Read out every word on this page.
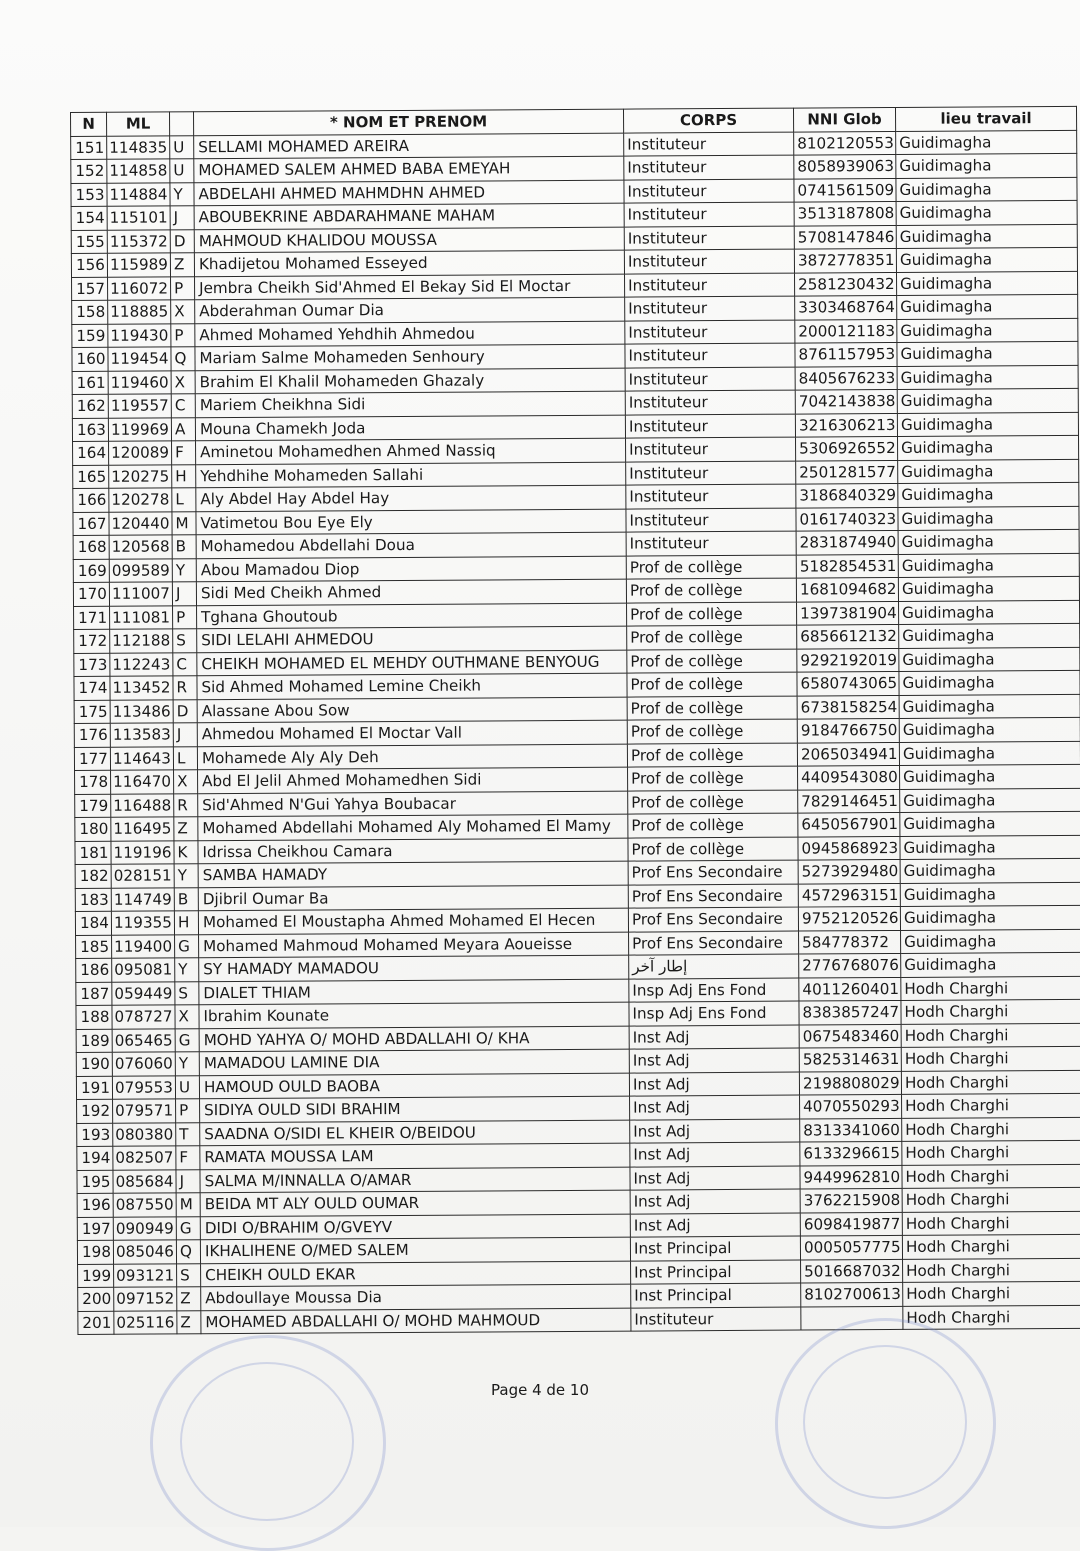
N	ML		* NOM ET PRENOM	CORPS	NNI Glob	lieu travail
151	114835	U	SELLAMI MOHAMED AREIRA	Instituteur	8102120553	Guidimagha
152	114858	U	MOHAMED SALEM AHMED BABA EMEYAH	Instituteur	8058939063	Guidimagha
153	114884	Y	ABDELAHI AHMED MAHMDHN AHMED	Instituteur	0741561509	Guidimagha
154	115101	J	ABOUBEKRINE ABDARAHMANE MAHAM	Instituteur	3513187808	Guidimagha
155	115372	D	MAHMOUD KHALIDOU MOUSSA	Instituteur	5708147846	Guidimagha
156	115989	Z	Khadijetou Mohamed Esseyed	Instituteur	3872778351	Guidimagha
157	116072	P	Jembra Cheikh Sid'Ahmed El Bekay Sid El Moctar	Instituteur	2581230432	Guidimagha
158	118885	X	Abderahman Oumar Dia	Instituteur	3303468764	Guidimagha
159	119430	P	Ahmed Mohamed Yehdhih Ahmedou	Instituteur	2000121183	Guidimagha
160	119454	Q	Mariam Salme Mohameden Senhoury	Instituteur	8761157953	Guidimagha
161	119460	X	Brahim El Khalil Mohameden Ghazaly	Instituteur	8405676233	Guidimagha
162	119557	C	Mariem Cheikhna Sidi	Instituteur	7042143838	Guidimagha
163	119969	A	Mouna Chamekh Joda	Instituteur	3216306213	Guidimagha
164	120089	F	Aminetou Mohamedhen Ahmed Nassiq	Instituteur	5306926552	Guidimagha
165	120275	H	Yehdhihe Mohameden Sallahi	Instituteur	2501281577	Guidimagha
166	120278	L	Aly Abdel Hay Abdel Hay	Instituteur	3186840329	Guidimagha
167	120440	M	Vatimetou Bou Eye Ely	Instituteur	0161740323	Guidimagha
168	120568	B	Mohamedou Abdellahi Doua	Instituteur	2831874940	Guidimagha
169	099589	Y	Abou Mamadou Diop	Prof de collège	5182854531	Guidimagha
170	111007	J	Sidi Med Cheikh Ahmed	Prof de collège	1681094682	Guidimagha
171	111081	P	Tghana Ghoutoub	Prof de collège	1397381904	Guidimagha
172	112188	S	SIDI LELAHI AHMEDOU	Prof de collège	6856612132	Guidimagha
173	112243	C	CHEIKH MOHAMED EL MEHDY OUTHMANE BENYOUG	Prof de collège	9292192019	Guidimagha
174	113452	R	Sid Ahmed Mohamed Lemine Cheikh	Prof de collège	6580743065	Guidimagha
175	113486	D	Alassane Abou Sow	Prof de collège	6738158254	Guidimagha
176	113583	J	Ahmedou Mohamed El Moctar Vall	Prof de collège	9184766750	Guidimagha
177	114643	L	Mohamede Aly Aly Deh	Prof de collège	2065034941	Guidimagha
178	116470	X	Abd El Jelil Ahmed Mohamedhen Sidi	Prof de collège	4409543080	Guidimagha
179	116488	R	Sid'Ahmed N'Gui Yahya Boubacar	Prof de collège	7829146451	Guidimagha
180	116495	Z	Mohamed Abdellahi Mohamed Aly Mohamed El Mamy	Prof de collège	6450567901	Guidimagha
181	119196	K	Idrissa Cheikhou Camara	Prof de collège	0945868923	Guidimagha
182	028151	Y	SAMBA HAMADY	Prof Ens Secondaire	5273929480	Guidimagha
183	114749	B	Djibril Oumar Ba	Prof Ens Secondaire	4572963151	Guidimagha
184	119355	H	Mohamed El Moustapha Ahmed Mohamed El Hecen	Prof Ens Secondaire	9752120526	Guidimagha
185	119400	G	Mohamed Mahmoud Mohamed Meyara Aoueisse	Prof Ens Secondaire	584778372	Guidimagha
186	095081	Y	SY HAMADY MAMADOU	إطار آخر	2776768076	Guidimagha
187	059449	S	DIALET THIAM	Insp Adj Ens Fond	4011260401	Hodh Charghi
188	078727	X	Ibrahim Kounate	Insp Adj Ens Fond	8383857247	Hodh Charghi
189	065465	G	MOHD YAHYA O/ MOHD ABDALLAHI O/ KHA	Inst Adj	0675483460	Hodh Charghi
190	076060	Y	MAMADOU LAMINE DIA	Inst Adj	5825314631	Hodh Charghi
191	079553	U	HAMOUD OULD BAOBA	Inst Adj	2198808029	Hodh Charghi
192	079571	P	SIDIYA OULD SIDI BRAHIM	Inst Adj	4070550293	Hodh Charghi
193	080380	T	SAADNA O/SIDI EL KHEIR O/BEIDOU	Inst Adj	8313341060	Hodh Charghi
194	082507	F	RAMATA MOUSSA LAM	Inst Adj	6133296615	Hodh Charghi
195	085684	J	SALMA M/INNALLA O/AMAR	Inst Adj	9449962810	Hodh Charghi
196	087550	M	BEIDA MT ALY OULD OUMAR	Inst Adj	3762215908	Hodh Charghi
197	090949	G	DIDI O/BRAHIM O/GVEYV	Inst Adj	6098419877	Hodh Charghi
198	085046	Q	IKHALIHENE O/MED SALEM	Inst Principal	0005057775	Hodh Charghi
199	093121	S	CHEIKH OULD EKAR	Inst Principal	5016687032	Hodh Charghi
200	097152	Z	Abdoullaye Moussa Dia	Inst Principal	8102700613	Hodh Charghi
201	025116	Z	MOHAMED ABDALLAHI O/ MOHD MAHMOUD	Instituteur		Hodh Charghi
Page 4 de 10
